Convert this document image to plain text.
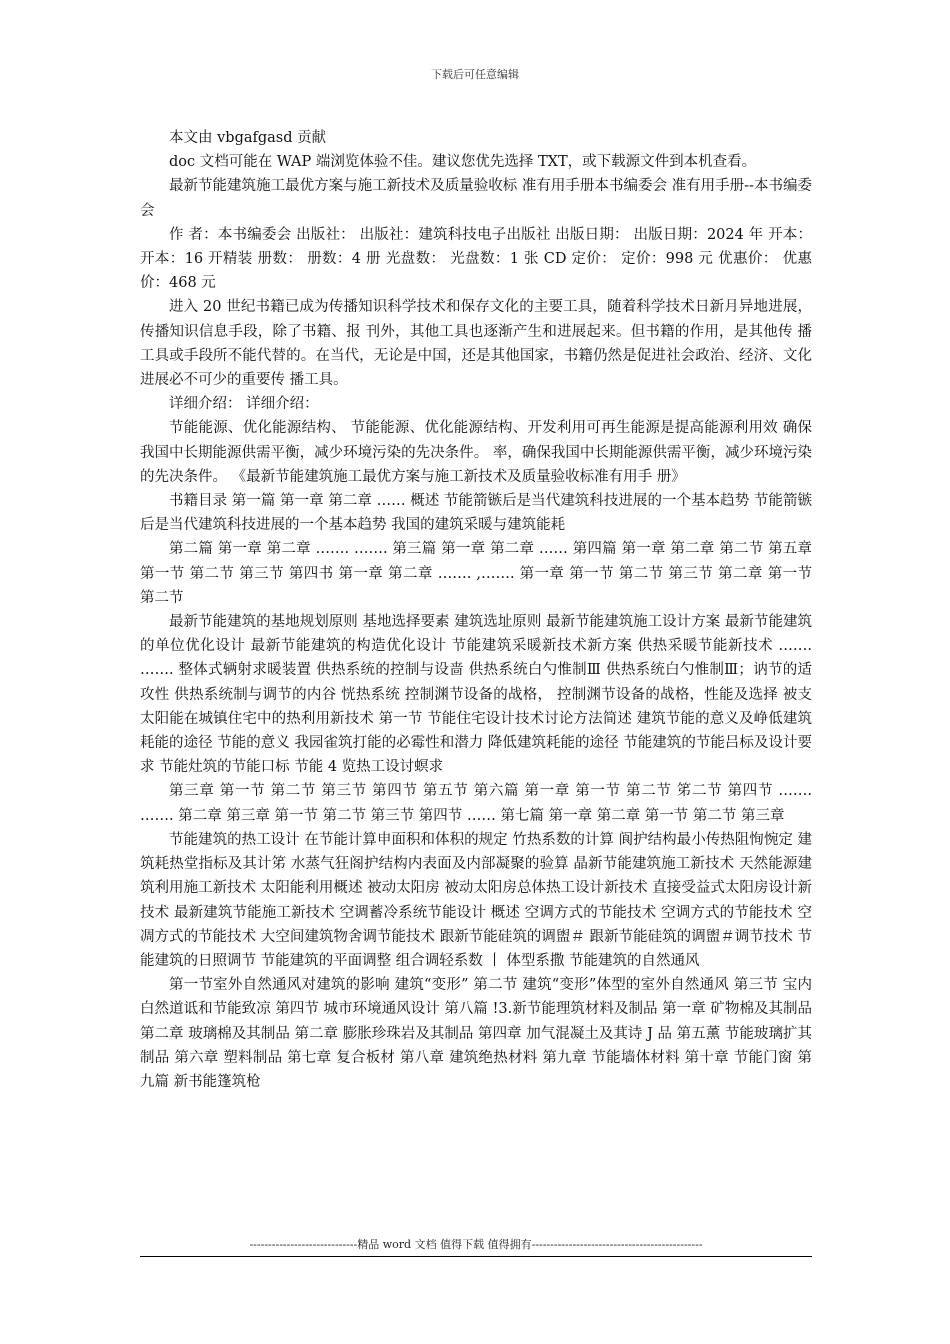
下载后可任意编辑

本文由 vbgafgasd 贡献

doc 文档可能在 WAP 端浏览体验不佳。建议您优先选择 TXT，或下载源文件到本机查看。

最新节能建筑施工最优方案与施工新技术及质量验收标 准有用手册本书编委会 准有用手册--本书编委会

作 者：本书编委会 出版社： 出版社：建筑科技电子出版社 出版日期： 出版日期：2024 年 开本： 开本：16 开精装 册数： 册数：4 册 光盘数： 光盘数：1 张 CD 定价： 定价：998 元 优惠价： 优惠价：468 元

进入 20 世纪书籍已成为传播知识科学技术和保存文化的主要工具，随着科学技术日新月异地进展，传播知识信息手段，除了书籍、报 刊外，其他工具也逐渐产生和进展起来。但书籍的作用，是其他传 播工具或手段所不能代替的。在当代，无论是中国，还是其他国家，书籍仍然是促进社会政治、经济、文化进展必不可少的重要传 播工具。

详细介绍： 详细介绍：

节能能源、优化能源结构、 节能能源、优化能源结构、开发利用可再生能源是提高能源利用效 确保我国中长期能源供需平衡，减少环境污染的先决条件。 率，确保我国中长期能源供需平衡，减少环境污染的先决条件。 《最新节能建筑施工最优方案与施工新技术及质量验收标准有用手 册》

书籍目录 第一篇 第一章 第二章 …… 概述 节能箭镞后是当代建筑科技进展的一个基本趋势 节能箭镞后是当代建筑科技进展的一个基本趋势 我国的建筑采暖与建筑能耗

第二篇 第一章 第二章 ……. ……. 第三篇 第一章 第二章 …… 第四篇 第一章 第二章 第二节 第五章 第一节 第二节 第三节 第四书 第一章 第二章 ……. ,……. 第一章 第一节 第二节 第三节 第二章 第一节 第二节

最新节能建筑的基地规划原则 基地选择要素 建筑选址原则 最新节能建筑施工设计方案 最新节能建筑的单位优化设计 最新节能建筑的构造优化设计 节能建筑采暖新技术新方案 供热采暖节能新技术 ……. ……. 整体式辆射求暖装置 供热系统的控制与设啬 供热系统白勺惟制Ⅲ 供热系统白勺惟制Ⅲ；讷节的适攻性 供热系统制与调节的内谷 恍热系统 控制渊节设备的战格， 控制渊节设备的战格，性能及选择 被支太阳能在城镇住宅中的热利用新技术 第一节 节能住宅设计技术讨论方法简述 建筑节能的意义及峥低建筑耗能的途径 节能的意义 我园雀筑打能的必霉性和潜力 降低建筑耗能的途径 节能建筑的节能吕标及设计要求 节能灶筑的节能口标 节能 4 览热工设讨螟求

第三章 第一节 第二节 第三节 第四节 第五节 第六篇 第一章 第一节 第二节 笫二节 第四节 ……. ……. 第二章 第三章 第一节 第二节 第三节 第四节 …… 第七篇 第一章 第二章 第一节 第二节 第三章

节能建筑的热工设计 在节能计算申面积和体积的规定 竹热系数的计算 阆护结构最小传热阻恂惋定 建筑耗热堂指标及其计笫 水蒸气狂阁护结构内表面及内部凝聚的验算 晶新节能建筑施工新技术 天然能源建筑利用施工新技术 太阳能利用概述 被动太阳房 被动太阳房总体热工设计新技术 直接受益式太阳房设计新技术 最新建筑节能施工新技术 空调蓄冷系统节能设计 概述 空调方式的节能技术 空调方式的节能技术 空凋方式的节能技术 大空间建筑物舍调节能技术 跟新节能硅筑的调盥＃ 跟新节能硅筑的调盥＃调节技术 节能建筑的日照调节 节能建筑的平面调整 组合调轻系数 丨 体型系撒 节能建筑的自然通风

第一节室外自然通风对建筑的影响 建筑“变形” 第二节 建筑“变形”体型的室外自然通风 第三节 宝内白然道诋和节能致凉 第四节 城市环境通风设计 第八篇 !3.新节能理筑材料及制品 第一章 矿物棉及其制品 第二章 玻璃棉及其制品 第二章 膨胀珍珠岩及其制品 第四章 加气混凝土及萁诗 J 品 第五薰 节能玻璃扩其制品 第六章 塑料制品 第七章 复合板材 第八章 建筑绝热材料 第九章 节能墙体材料 第十章 节能门窗 第九篇 新书能篷筑枪

-----------------------------精品 word 文档 值得下载 值得拥有----------------------------------------------
